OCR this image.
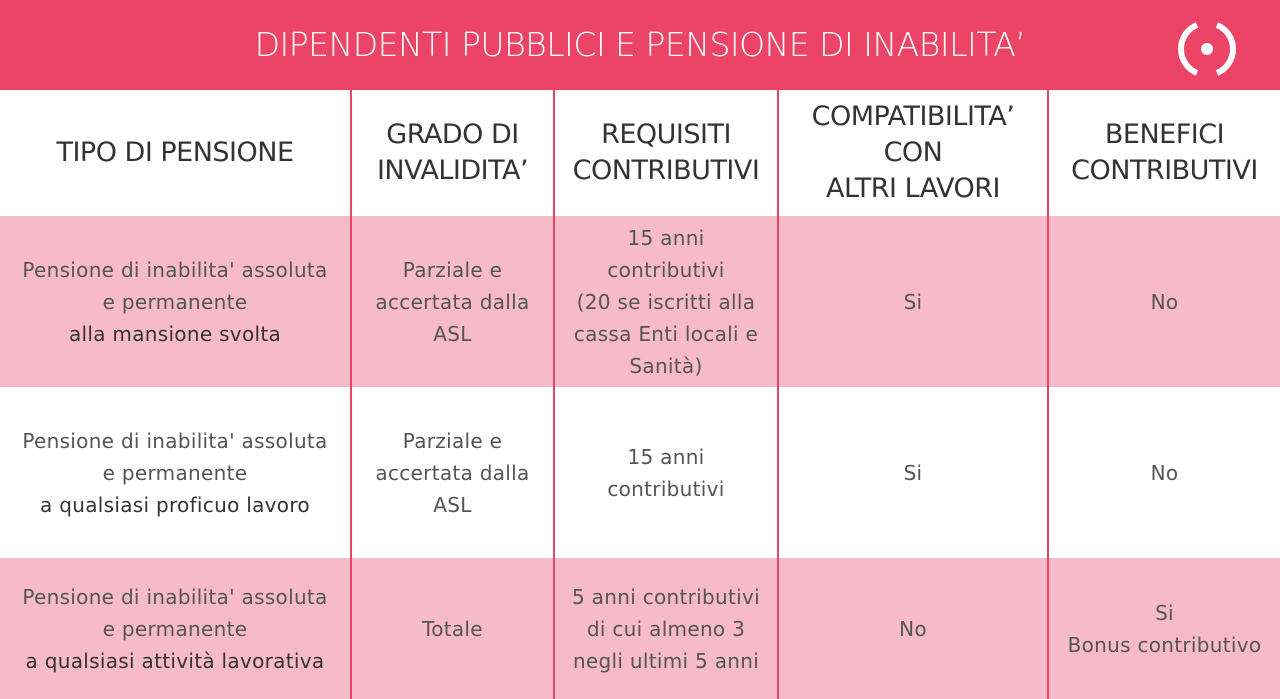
DIPENDENTI PUBBLICI E PENSIONE DI INABILITA’
TIPO DI PENSIONE
GRADO DI
INVALIDITA’
REQUISITI
CONTRIBUTIVI
COMPATIBILITA’
CON
ALTRI LAVORI
BENEFICI
CONTRIBUTIVI
Pensione di inabilita' assoluta
e permanente
alla mansione svolta
Parziale e
accertata dalla
ASL
15 anni
contributivi
(20 se iscritti alla
cassa Enti locali e
Sanità)
Si	No
Pensione di inabilita' assoluta
e permanente
a qualsiasi proficuo lavoro
Parziale e
accertata dalla
ASL
15 anni
contributivi
Si	No
Pensione di inabilita' assoluta
e permanente
a qualsiasi attività lavorativa
Totale
5 anni contributivi
di cui almeno 3
negli ultimi 5 anni
No
Si
Bonus contributivo
